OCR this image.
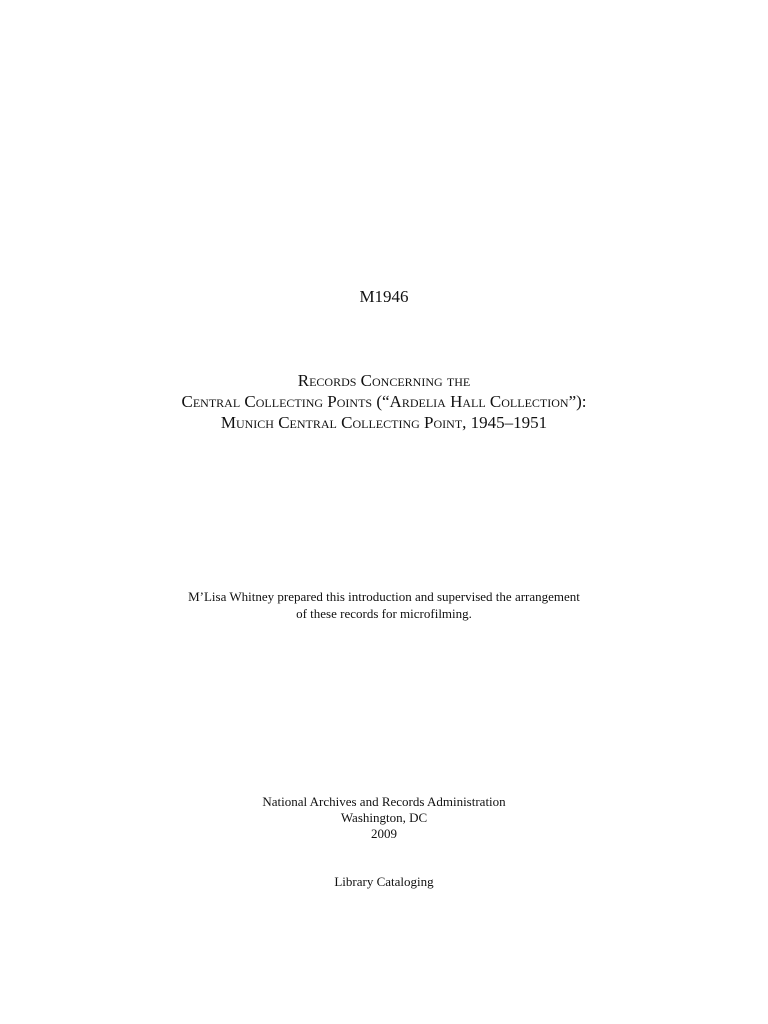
M1946
Records Concerning the
Central Collecting Points (“Ardelia Hall Collection”):
Munich Central Collecting Point, 1945–1951
M’Lisa Whitney prepared this introduction and supervised the arrangement
of these records for microfilming.
National Archives and Records Administration
Washington, DC
2009
Library Cataloging
